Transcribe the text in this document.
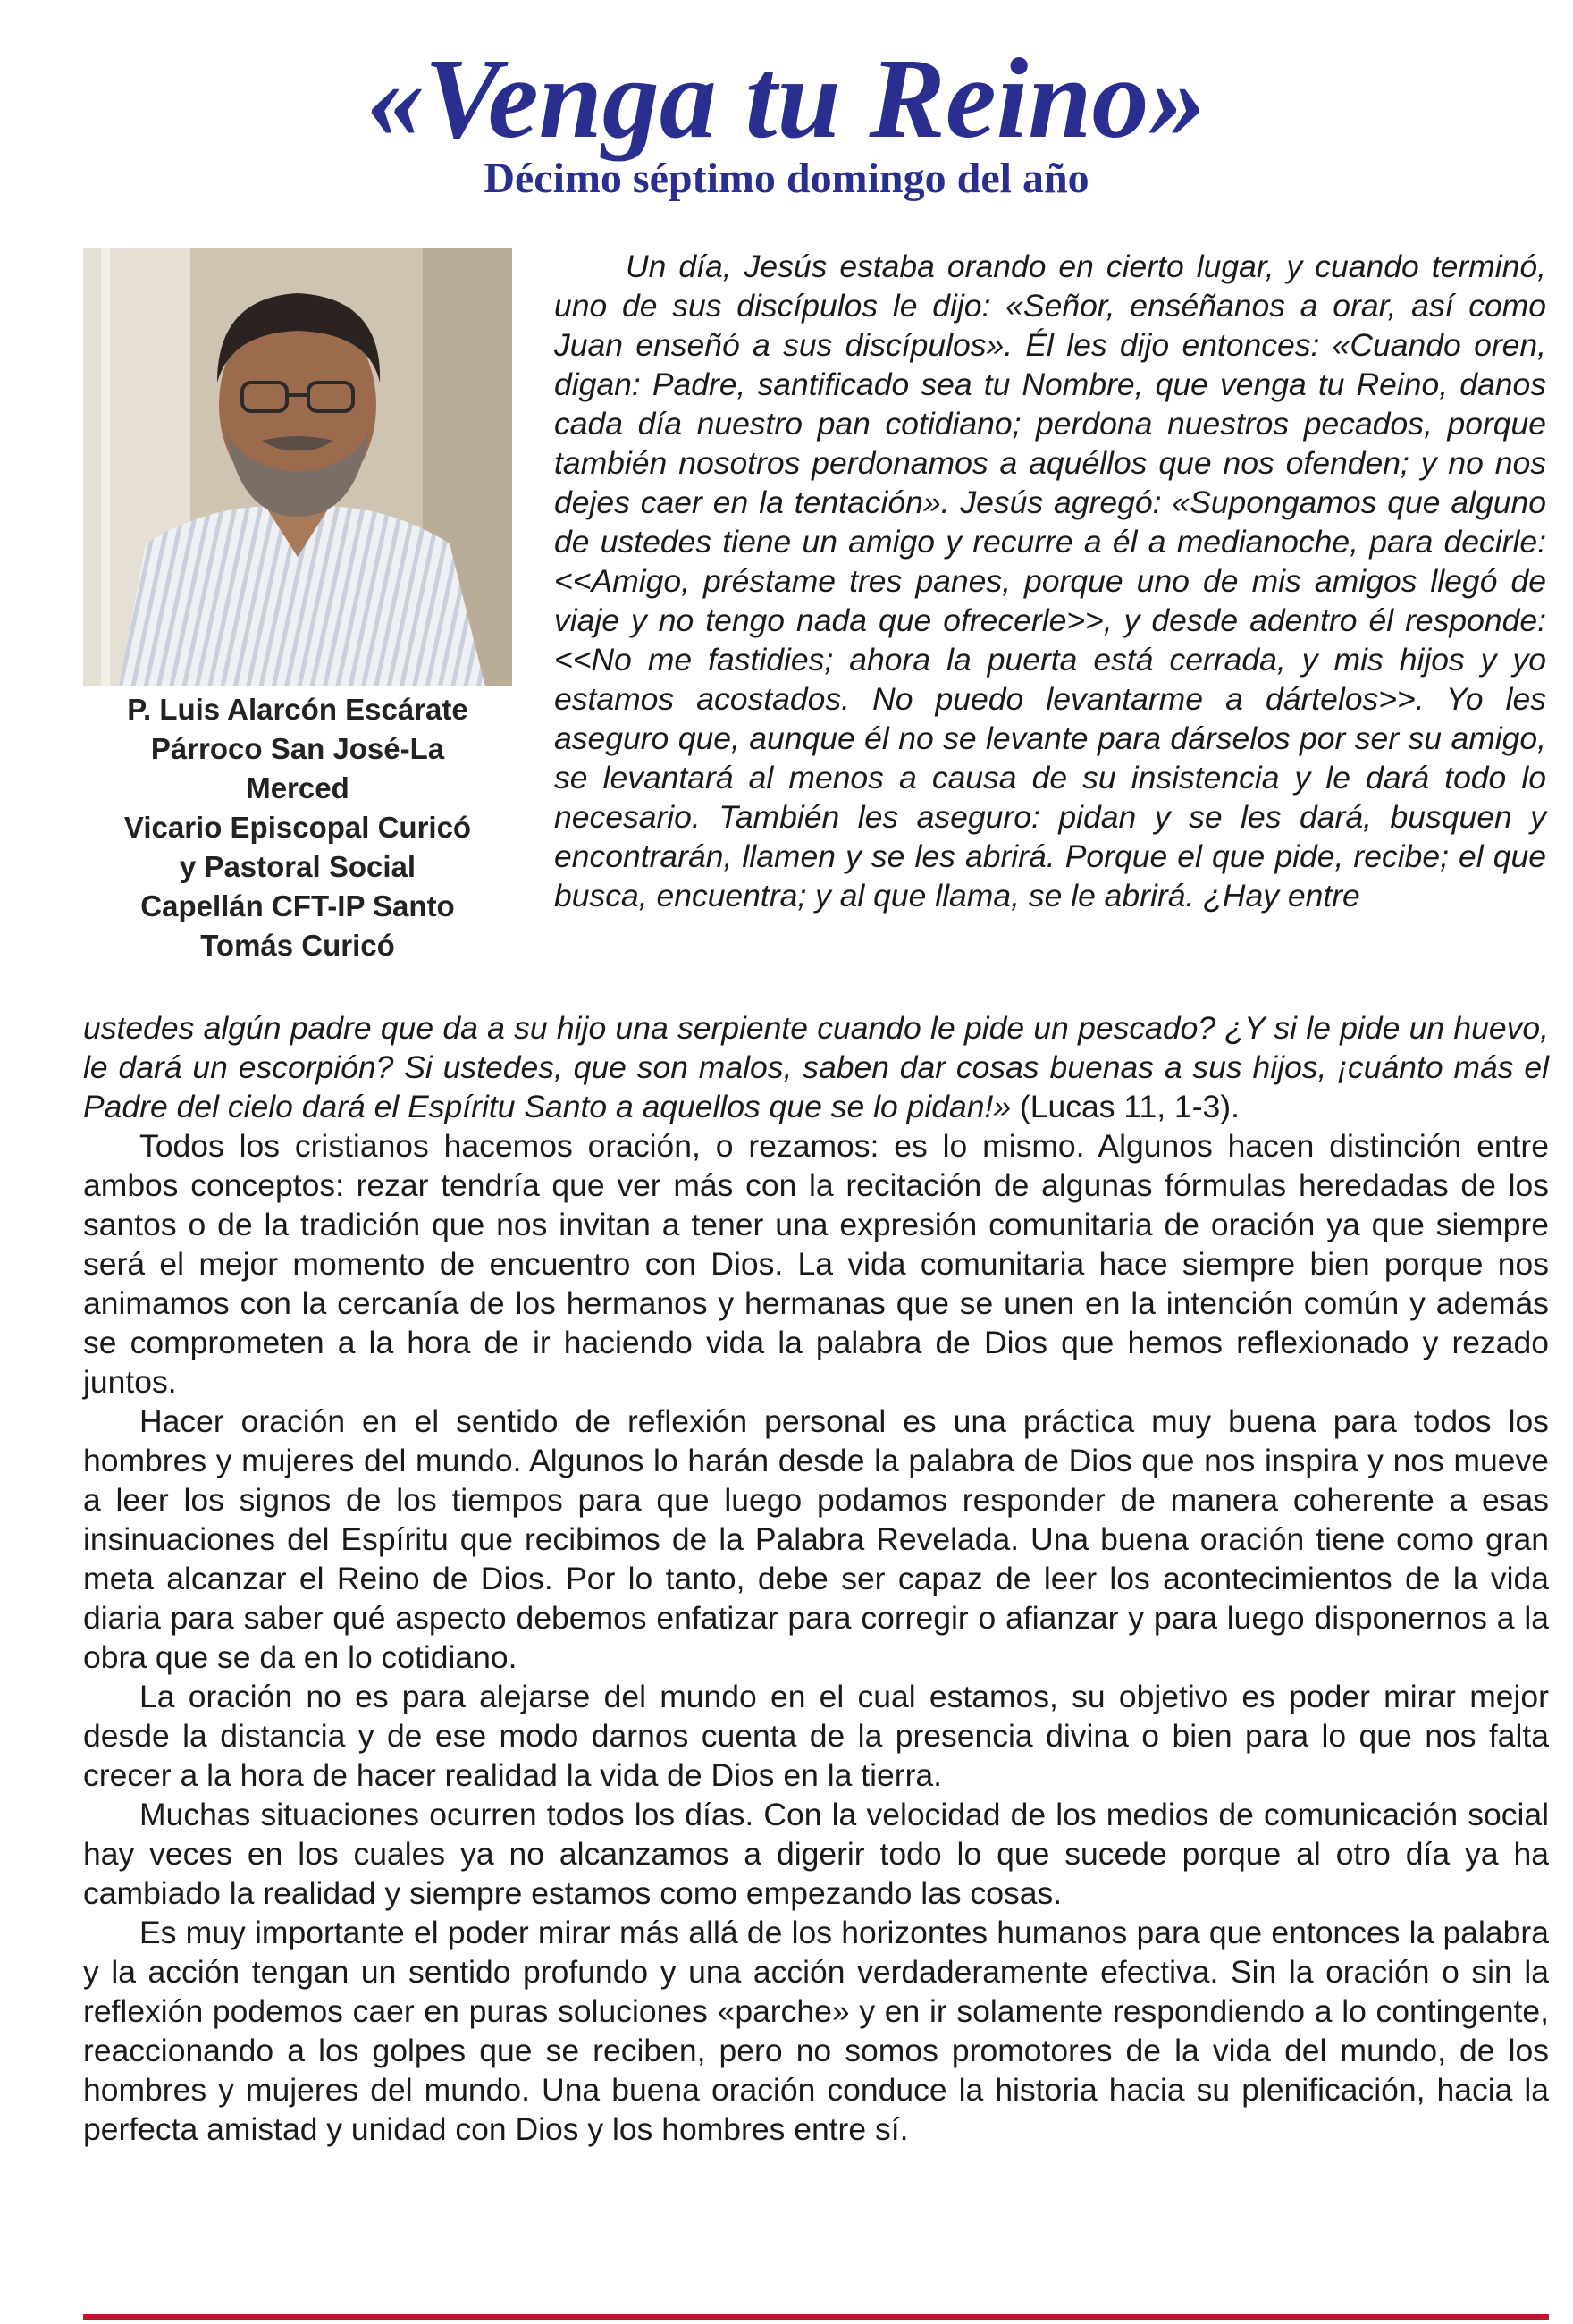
«Venga tu Reino»
Décimo séptimo domingo del año
P. Luis Alarcón Escárate
Párroco San José-La
Merced
Vicario Episcopal Curicó
y Pastoral Social
Capellán CFT-IP Santo
Tomás Curicó

Un día, Jesús estaba orando en cierto lugar, y cuando terminó, uno de sus discípulos le dijo: «Señor, enséñanos a orar, así como Juan enseñó a sus discípulos». Él les dijo entonces: «Cuando oren, digan: Padre, santificado sea tu Nombre, que venga tu Reino, danos cada día nuestro pan cotidiano; perdona nuestros pecados, porque también nosotros perdonamos a aquéllos que nos ofenden; y no nos dejes caer en la tentación». Jesús agregó: «Supongamos que alguno de ustedes tiene un amigo y recurre a él a medianoche, para decirle: <<Amigo, préstame tres panes, porque uno de mis amigos llegó de viaje y no tengo nada que ofrecerle>>, y desde adentro él responde: <<No me fastidies; ahora la puerta está cerrada, y mis hijos y yo estamos acostados. No puedo levantarme a dártelos>>. Yo les aseguro que, aunque él no se levante para dárselos por ser su amigo, se levantará al menos a causa de su insistencia y le dará todo lo necesario. También les aseguro: pidan y se les dará, busquen y encontrarán, llamen y se les abrirá. Porque el que pide, recibe; el que busca, encuentra; y al que llama, se le abrirá. ¿Hay entre

ustedes algún padre que da a su hijo una serpiente cuando le pide un pescado? ¿Y si le pide un huevo, le dará un escorpión? Si ustedes, que son malos, saben dar cosas buenas a sus hijos, ¡cuánto más el Padre del cielo dará el Espíritu Santo a aquellos que se lo pidan!» (Lucas 11, 1-3).

Todos los cristianos hacemos oración, o rezamos: es lo mismo. Algunos hacen distinción entre ambos conceptos: rezar tendría que ver más con la recitación de algunas fórmulas heredadas de los santos o de la tradición que nos invitan a tener una expresión comunitaria de oración ya que siempre será el mejor momento de encuentro con Dios. La vida comunitaria hace siempre bien porque nos animamos con la cercanía de los hermanos y hermanas que se unen en la intención común y además se comprometen a la hora de ir haciendo vida la palabra de Dios que hemos reflexionado y rezado juntos.

Hacer oración en el sentido de reflexión personal es una práctica muy buena para todos los hombres y mujeres del mundo. Algunos lo harán desde la palabra de Dios que nos inspira y nos mueve a leer los signos de los tiempos para que luego podamos responder de manera coherente a esas insinuaciones del Espíritu que recibimos de la Palabra Revelada. Una buena oración tiene como gran meta alcanzar el Reino de Dios. Por lo tanto, debe ser capaz de leer los acontecimientos de la vida diaria para saber qué aspecto debemos enfatizar para corregir o afianzar y para luego disponernos a la obra que se da en lo cotidiano.

La oración no es para alejarse del mundo en el cual estamos, su objetivo es poder mirar mejor desde la distancia y de ese modo darnos cuenta de la presencia divina o bien para lo que nos falta crecer a la hora de hacer realidad la vida de Dios en la tierra.

Muchas situaciones ocurren todos los días. Con la velocidad de los medios de comunicación social hay veces en los cuales ya no alcanzamos a digerir todo lo que sucede porque al otro día ya ha cambiado la realidad y siempre estamos como empezando las cosas.

Es muy importante el poder mirar más allá de los horizontes humanos para que entonces la palabra y la acción tengan un sentido profundo y una acción verdaderamente efectiva. Sin la oración o sin la reflexión podemos caer en puras soluciones «parche» y en ir solamente respondiendo a lo contingente, reaccionando a los golpes que se reciben, pero no somos promotores de la vida del mundo, de los hombres y mujeres del mundo. Una buena oración conduce la historia hacia su plenificación, hacia la perfecta amistad y unidad con Dios y los hombres entre sí.
